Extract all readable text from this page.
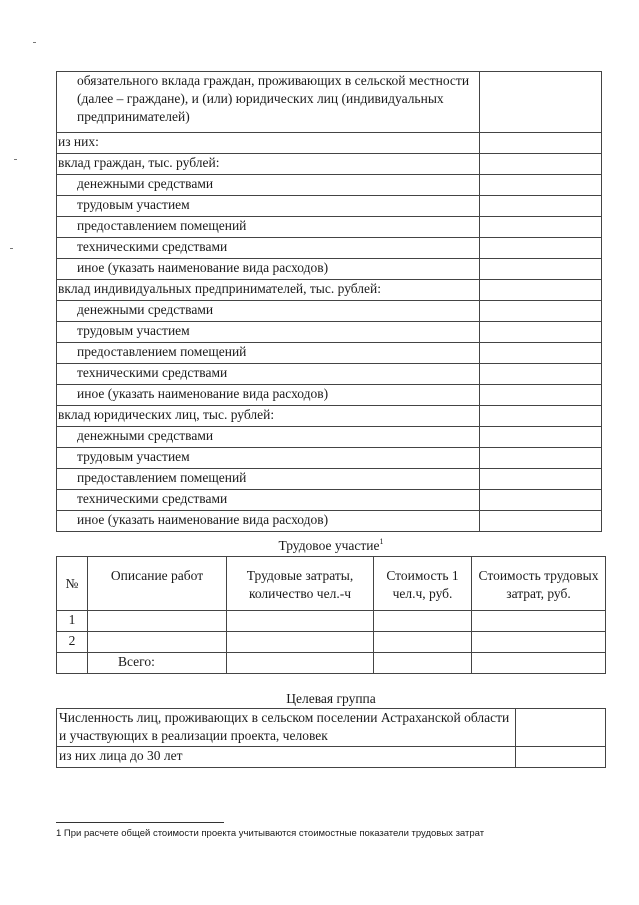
обязательного вклада граждан, проживающих в сельской местности (далее – граждане), и (или) юридических лиц (индивидуальных предпринимателей)	
из них:	
вклад граждан, тыс. рублей:	
денежными средствами	
трудовым участием	
предоставлением помещений	
техническими средствами	
иное (указать наименование вида расходов)	
вклад индивидуальных предпринимателей, тыс. рублей:	
денежными средствами	
трудовым участием	
предоставлением помещений	
техническими средствами	
иное (указать наименование вида расходов)	
вклад юридических лиц, тыс. рублей:	
денежными средствами	
трудовым участием	
предоставлением помещений	
техническими средствами	
иное (указать наименование вида расходов)	
Трудовое участие$^1$
№	Описание работ	Трудовые затраты, количество чел.-ч	Стоимость 1 чел.ч, руб.	Стоимость трудовых затрат, руб.
1				
2				
	Всего:			
Целевая группа
Численность лиц, проживающих в сельском поселении Астраханской области и участвующих в реализации проекта, человек	
из них лица до 30 лет	
1 При расчете общей стоимости проекта учитываются стоимостные показатели трудовых затрат
